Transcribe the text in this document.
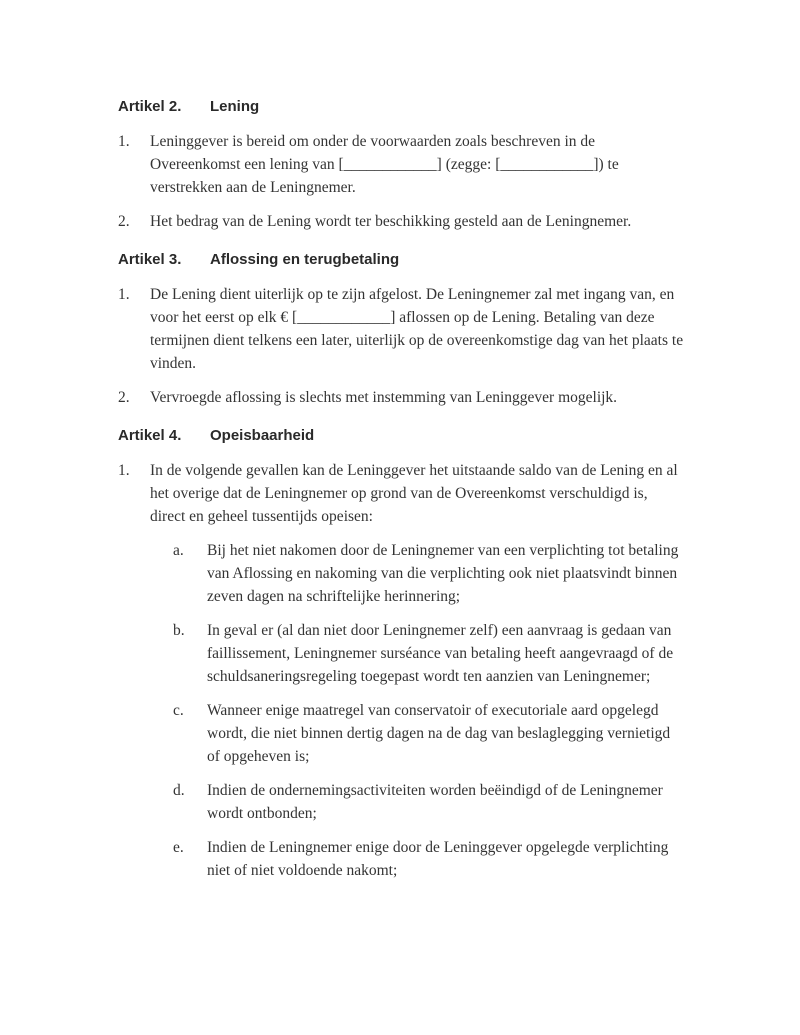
Artikel 2.	Lening
1.	Leninggever is bereid om onder de voorwaarden zoals beschreven in de Overeenkomst een lening van [____________] (zegge: [____________]) te verstrekken aan de Leningnemer.
2.	Het bedrag van de Lening wordt ter beschikking gesteld aan de Leningnemer.
Artikel 3.	Aflossing en terugbetaling
1.	De Lening dient uiterlijk op te zijn afgelost. De Leningnemer zal met ingang van, en voor het eerst op elk € [____________] aflossen op de Lening. Betaling van deze termijnen dient telkens een later, uiterlijk op de overeenkomstige dag van het plaats te vinden.
2.	Vervroegde aflossing is slechts met instemming van Leninggever mogelijk.
Artikel 4.	Opeisbaarheid
1.	In de volgende gevallen kan de Leninggever het uitstaande saldo van de Lening en al het overige dat de Leningnemer op grond van de Overeenkomst verschuldigd is, direct en geheel tussentijds opeisen:
a.	Bij het niet nakomen door de Leningnemer van een verplichting tot betaling van Aflossing en nakoming van die verplichting ook niet plaatsvindt binnen zeven dagen na schriftelijke herinnering;
b.	In geval er (al dan niet door Leningnemer zelf) een aanvraag is gedaan van faillissement, Leningnemer surséance van betaling heeft aangevraagd of de schuldsaneringsregeling toegepast wordt ten aanzien van Leningnemer;
c.	Wanneer enige maatregel van conservatoir of executoriale aard opgelegd wordt, die niet binnen dertig dagen na de dag van beslaglegging vernietigd of opgeheven is;
d.	Indien de ondernemingsactiviteiten worden beëindigd of de Leningnemer wordt ontbonden;
e.	Indien de Leningnemer enige door de Leninggever opgelegde verplichting niet of niet voldoende nakomt;
